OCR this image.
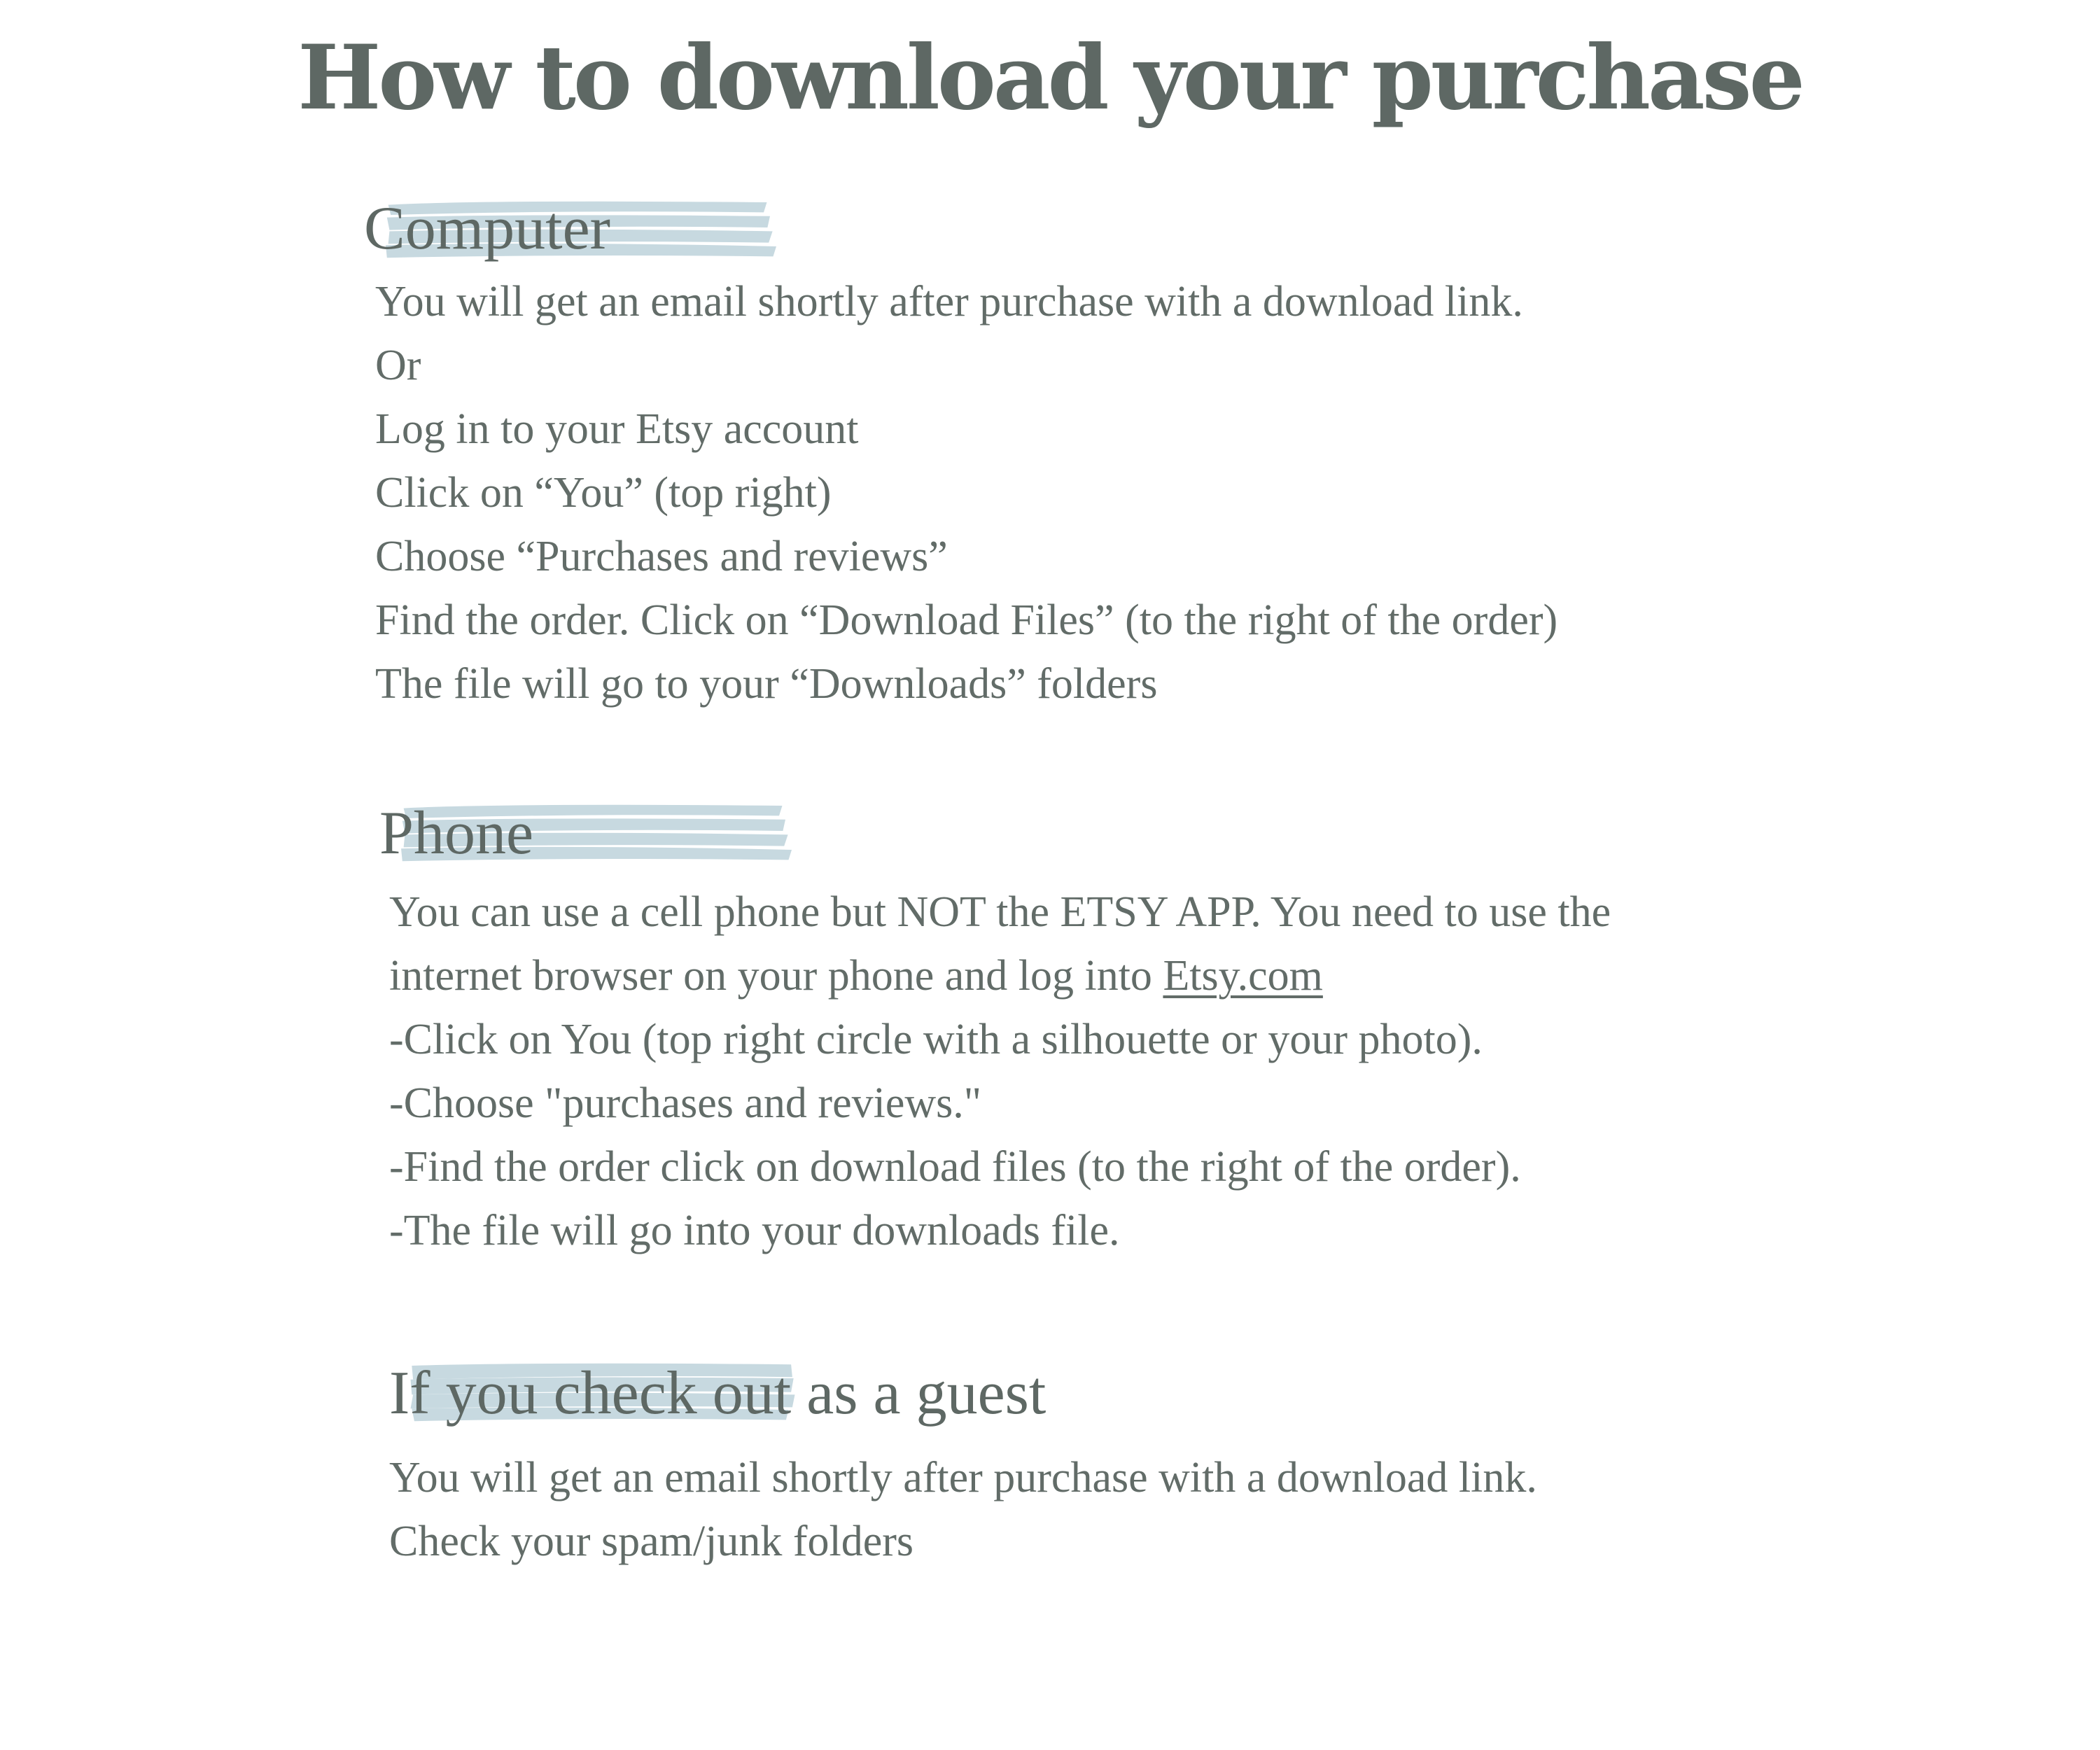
How to download your purchase
Computer
You will get an email shortly after purchase with a download link.
Or
Log in to your Etsy account
Click on “You” (top right)
Choose “Purchases and reviews”
Find the order. Click on “Download Files” (to the right of the order)
The file will go to your “Downloads” folders
Phone
You can use a cell phone but NOT the ETSY APP. You need to use the
internet browser on your phone and log into Etsy.com
-Click on You (top right circle with a silhouette or your photo).
-Choose "purchases and reviews."
-Find the order click on download files (to the right of the order).
-The file will go into your downloads file.
If you check out as a guest
You will get an email shortly after purchase with a download link.
Check your spam/junk folders
